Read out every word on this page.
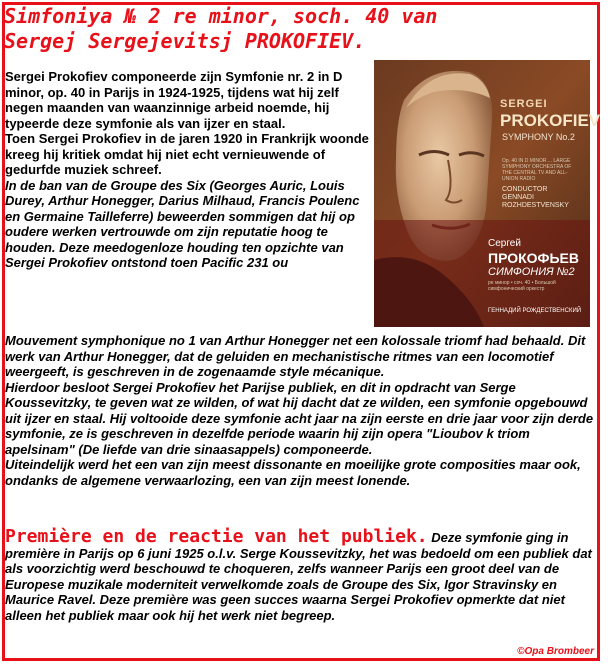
Simfoniya № 2 re minor, soch. 40 van
Sergej Sergejevitsj PROKOFIEV.
SERGEI
PROKOFIEV
SYMPHONY No.2
Op. 40 IN D MINOR ... LARGE SYMPHONY ORCHESTRA OF THE CENTRAL TV AND ALL-UNION RADIO
CONDUCTOR
GENNADI ROZHDESTVENSKY
Сергей
ПРОКОФЬЕВ
СИМФОНИЯ №2
ре минор • соч. 40 • Большой симфонический оркестр
ГЕННАДИЙ РОЖДЕСТВЕНСКИЙ
Sergei Prokofiev componeerde zijn Symfonie nr. 2 in D minor, op. 40 in Parijs in 1924-1925, tijdens wat hij zelf negen maanden van waanzinnige arbeid noemde, hij typeerde deze symfonie als van ijzer en staal.
Toen Sergei Prokofiev in de jaren 1920 in Frankrijk woonde kreeg hij kritiek omdat hij niet echt vernieuwende of gedurfde muziek schreef.
In de ban van de Groupe des Six (Georges Auric, Louis Durey, Arthur Honegger, Darius Milhaud, Francis Poulenc en Germaine Tailleferre) beweerden sommigen dat hij op oudere werken vertrouwde om zijn reputatie hoog te houden. Deze meedogenloze houding ten opzichte van Sergei Prokofiev ontstond toen Pacific 231 ou
Mouvement symphonique no 1 van Arthur Honegger net een kolossale triomf had behaald. Dit werk van Arthur Honegger, dat de geluiden en mechanistische ritmes van een locomotief weergeeft, is geschreven in de zogenaamde style mécanique.
Hierdoor besloot Sergei Prokofiev het Parijse publiek, en dit in opdracht van Serge Koussevitzky, te geven wat ze wilden, of wat hij dacht dat ze wilden, een symfonie opgebouwd uit ijzer en staal. Hij voltooide deze symfonie acht jaar na zijn eerste en drie jaar voor zijn derde symfonie, ze is geschreven in dezelfde periode waarin hij zijn opera "Lioubov k triom apelsinam" (De liefde van drie sinaasappels) componeerde.
Uiteindelijk werd het een van zijn meest dissonante en moeilijke grote composities maar ook, ondanks de algemene verwaarlozing, een van zijn meest lonende.
Première en de reactie van het publiek. Deze symfonie ging in première in Parijs op 6 juni 1925 o.l.v. Serge Koussevitzky, het was bedoeld om een publiek dat als voorzichtig werd beschouwd te choqueren, zelfs wanneer Parijs een groot deel van de Europese muzikale moderniteit verwelkomde zoals de Groupe des Six, Igor Stravinsky en Maurice Ravel. Deze première was geen succes waarna Sergei Prokofiev opmerkte dat niet alleen het publiek maar ook hij het werk niet begreep.
©Opa Brombeer
